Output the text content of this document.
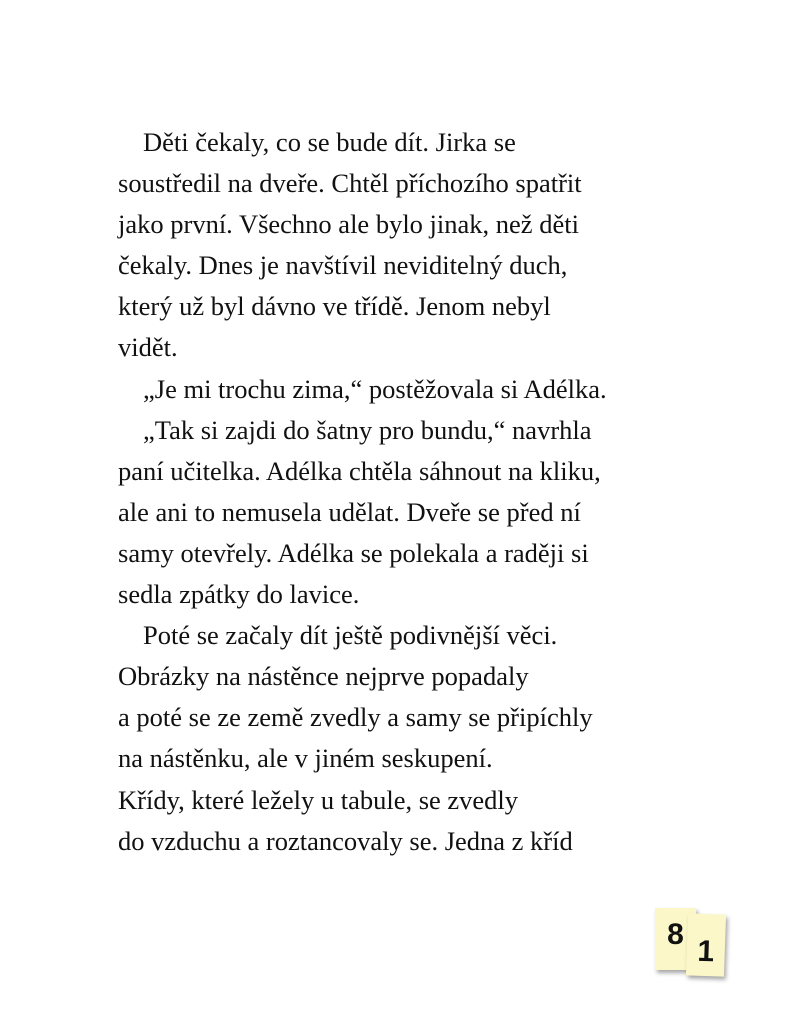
Děti čekaly, co se bude dít. Jirka se
soustředil na dveře. Chtěl příchozího spatřit
jako první. Všechno ale bylo jinak, než děti
čekaly. Dnes je navštívil neviditelný duch,
který už byl dávno ve třídě. Jenom nebyl
vidět.
„Je mi trochu zima,“ postěžovala si Adélka.
„Tak si zajdi do šatny pro bundu,“ navrhla
paní učitelka. Adélka chtěla sáhnout na kliku,
ale ani to nemusela udělat. Dveře se před ní
samy otevřely. Adélka se polekala a raději si
sedla zpátky do lavice.
Poté se začaly dít ještě podivnější věci.
Obrázky na nástěnce nejprve popadaly
a poté se ze země zvedly a samy se připíchly
na nástěnku, ale v jiném seskupení.
Křídy, které ležely u tabule, se zvedly
do vzduchu a roztancovaly se. Jedna z kříd
8
1
